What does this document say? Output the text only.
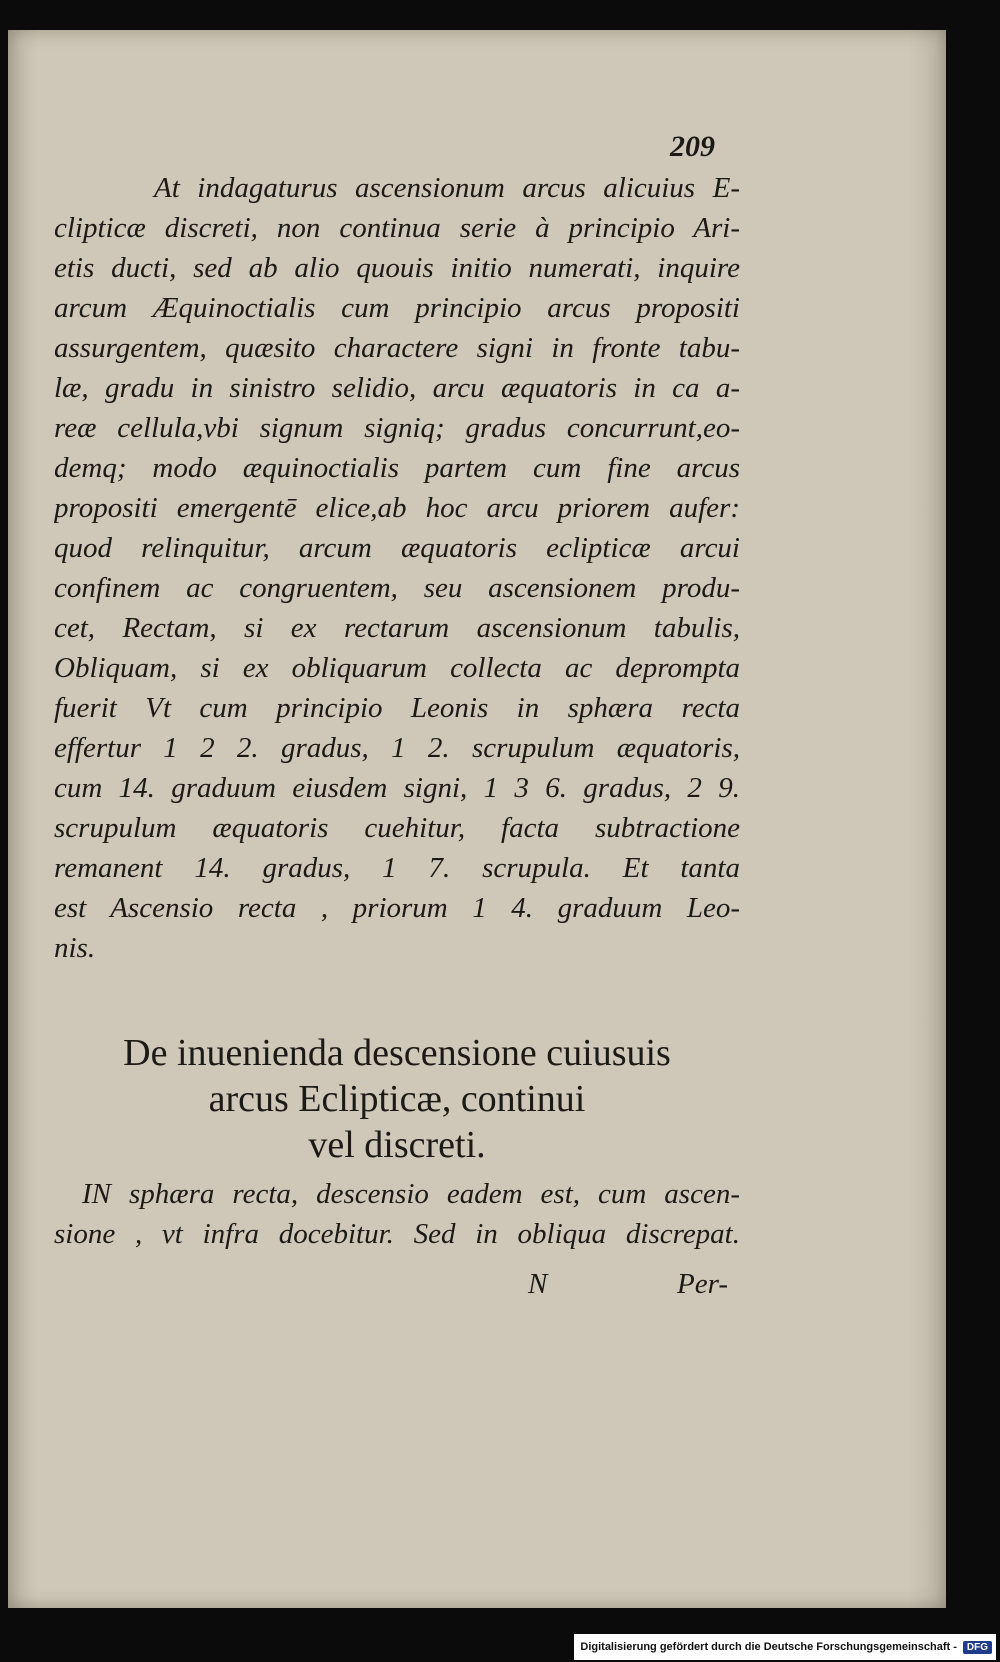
209
At indagaturus ascensionum arcus alicuius E-
clipticæ discreti, non continua serie à principio Ari-
etis ducti, sed ab alio quouis initio numerati, inquire
arcum Æquinoctialis cum principio arcus propositi
assurgentem, quæsito charactere signi in fronte tabu-
læ, gradu in sinistro selidio, arcu æquatoris in ca a-
reæ cellula,vbi signum signiq; gradus concurrunt,eo-
demq; modo æquinoctialis partem cum fine arcus
propositi emergentē elice,ab hoc arcu priorem aufer:
quod relinquitur, arcum æquatoris eclipticæ arcui
confinem ac congruentem, seu ascensionem produ-
cet, Rectam, si ex rectarum ascensionum tabulis,
Obliquam, si ex obliquarum collecta ac deprompta
fuerit Vt cum principio Leonis in sphæra recta
effertur 1 2 2. gradus, 1 2. scrupulum æquatoris,
cum 14. graduum eiusdem signi, 1 3 6. gradus, 2 9.
scrupulum æquatoris cuehitur, facta subtractione
remanent 14. gradus, 1 7. scrupula. Et tanta
est Ascensio recta , priorum 1 4. graduum Leo-
nis.
De inuenienda descensione cuiusuis
arcus Eclipticæ, continui
vel discreti.
IN sphæra recta, descensio eadem est, cum ascen-
sione , vt infra docebitur. Sed in obliqua discrepat.
N	Per-
Digitalisierung gefördert durch die Deutsche Forschungsgemeinschaft -	DFG
